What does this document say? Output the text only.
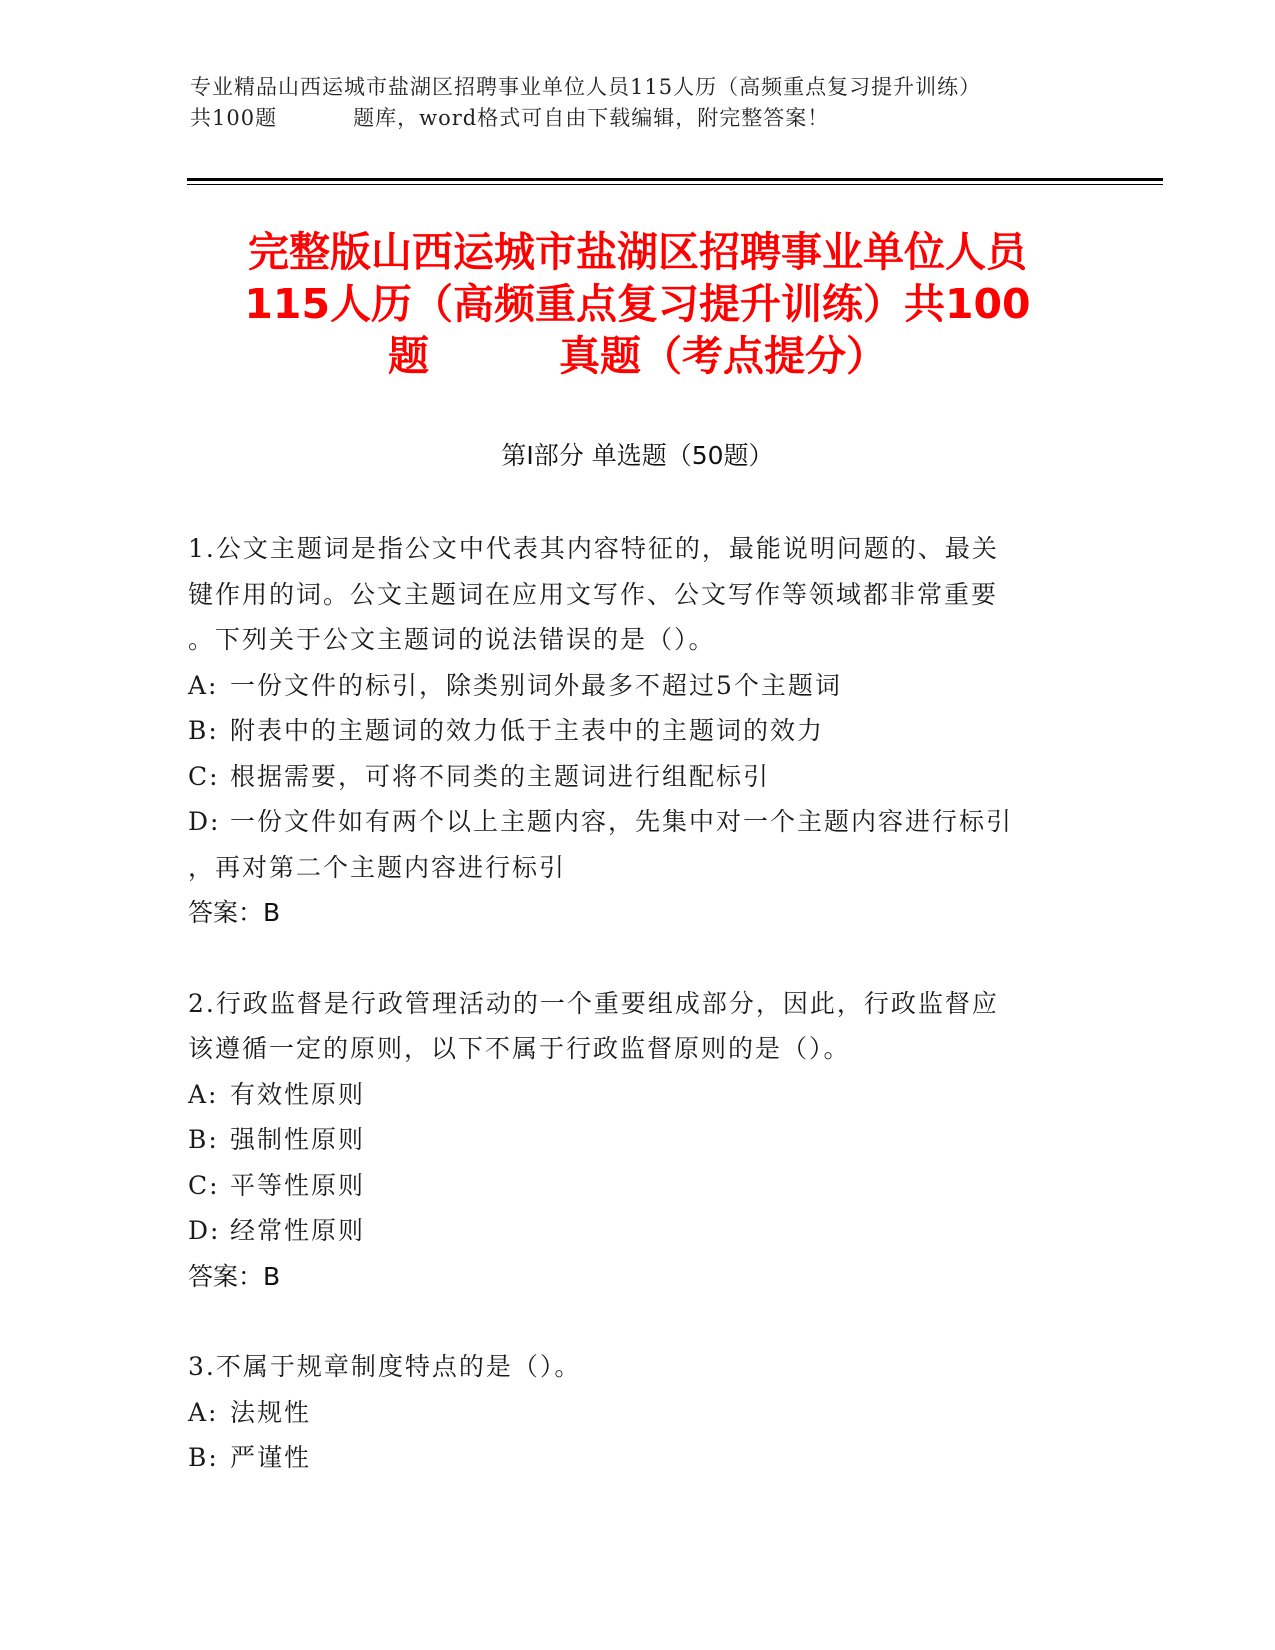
专业精品山西运城市盐湖区招聘事业单位人员115人历（高频重点复习提升训练）
共100题	题库，word格式可自由下载编辑，附完整答案！
完整版山西运城市盐湖区招聘事业单位人员
115人历（高频重点复习提升训练）共100
题	真题（考点提分）
第Ⅰ部分 单选题（50题）
1.公文主题词是指公文中代表其内容特征的，最能说明问题的、最关
键作用的词。公文主题词在应用文写作、公文写作等领域都非常重要
。下列关于公文主题词的说法错误的是（）。
A: 一份文件的标引，除类别词外最多不超过5个主题词
B: 附表中的主题词的效力低于主表中的主题词的效力
C: 根据需要，可将不同类的主题词进行组配标引
D: 一份文件如有两个以上主题内容，先集中对一个主题内容进行标引
，再对第二个主题内容进行标引
答案：B
2.行政监督是行政管理活动的一个重要组成部分，因此，行政监督应
该遵循一定的原则，以下不属于行政监督原则的是（）。
A: 有效性原则
B: 强制性原则
C: 平等性原则
D: 经常性原则
答案：B
3.不属于规章制度特点的是（）。
A: 法规性
B: 严谨性
